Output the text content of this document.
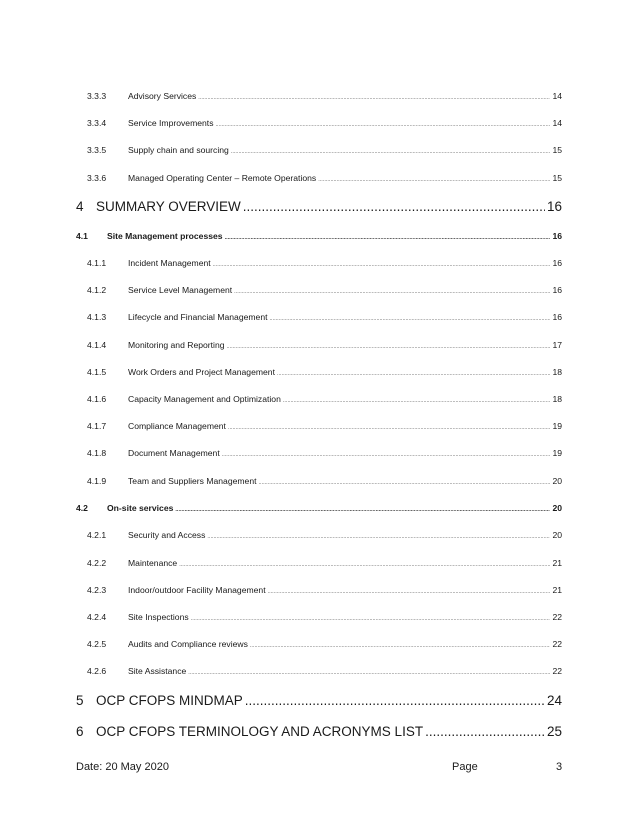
3.3.3	Advisory Services .....	14
3.3.4	Service Improvements .....	14
3.3.5	Supply chain and sourcing .....	15
3.3.6	Managed Operating Center – Remote Operations .....	15
4 SUMMARY OVERVIEW .....	16
4.1 Site Management processes .....	16
4.1.1	Incident Management .....	16
4.1.2	Service Level Management .....	16
4.1.3	Lifecycle and Financial Management .....	16
4.1.4	Monitoring and Reporting .....	17
4.1.5	Work Orders and Project Management .....	18
4.1.6	Capacity Management and Optimization .....	18
4.1.7	Compliance Management .....	19
4.1.8	Document Management .....	19
4.1.9	Team and Suppliers Management .....	20
4.2 On-site services .....	20
4.2.1	Security and Access .....	20
4.2.2	Maintenance .....	21
4.2.3	Indoor/outdoor Facility Management .....	21
4.2.4	Site Inspections .....	22
4.2.5	Audits and Compliance reviews .....	22
4.2.6	Site Assistance .....	22
5 OCP CFOPS MINDMAP .....	24
6 OCP CFOPS TERMINOLOGY AND ACRONYMS LIST .....	25
Date: 20 May 2020	Page	3
